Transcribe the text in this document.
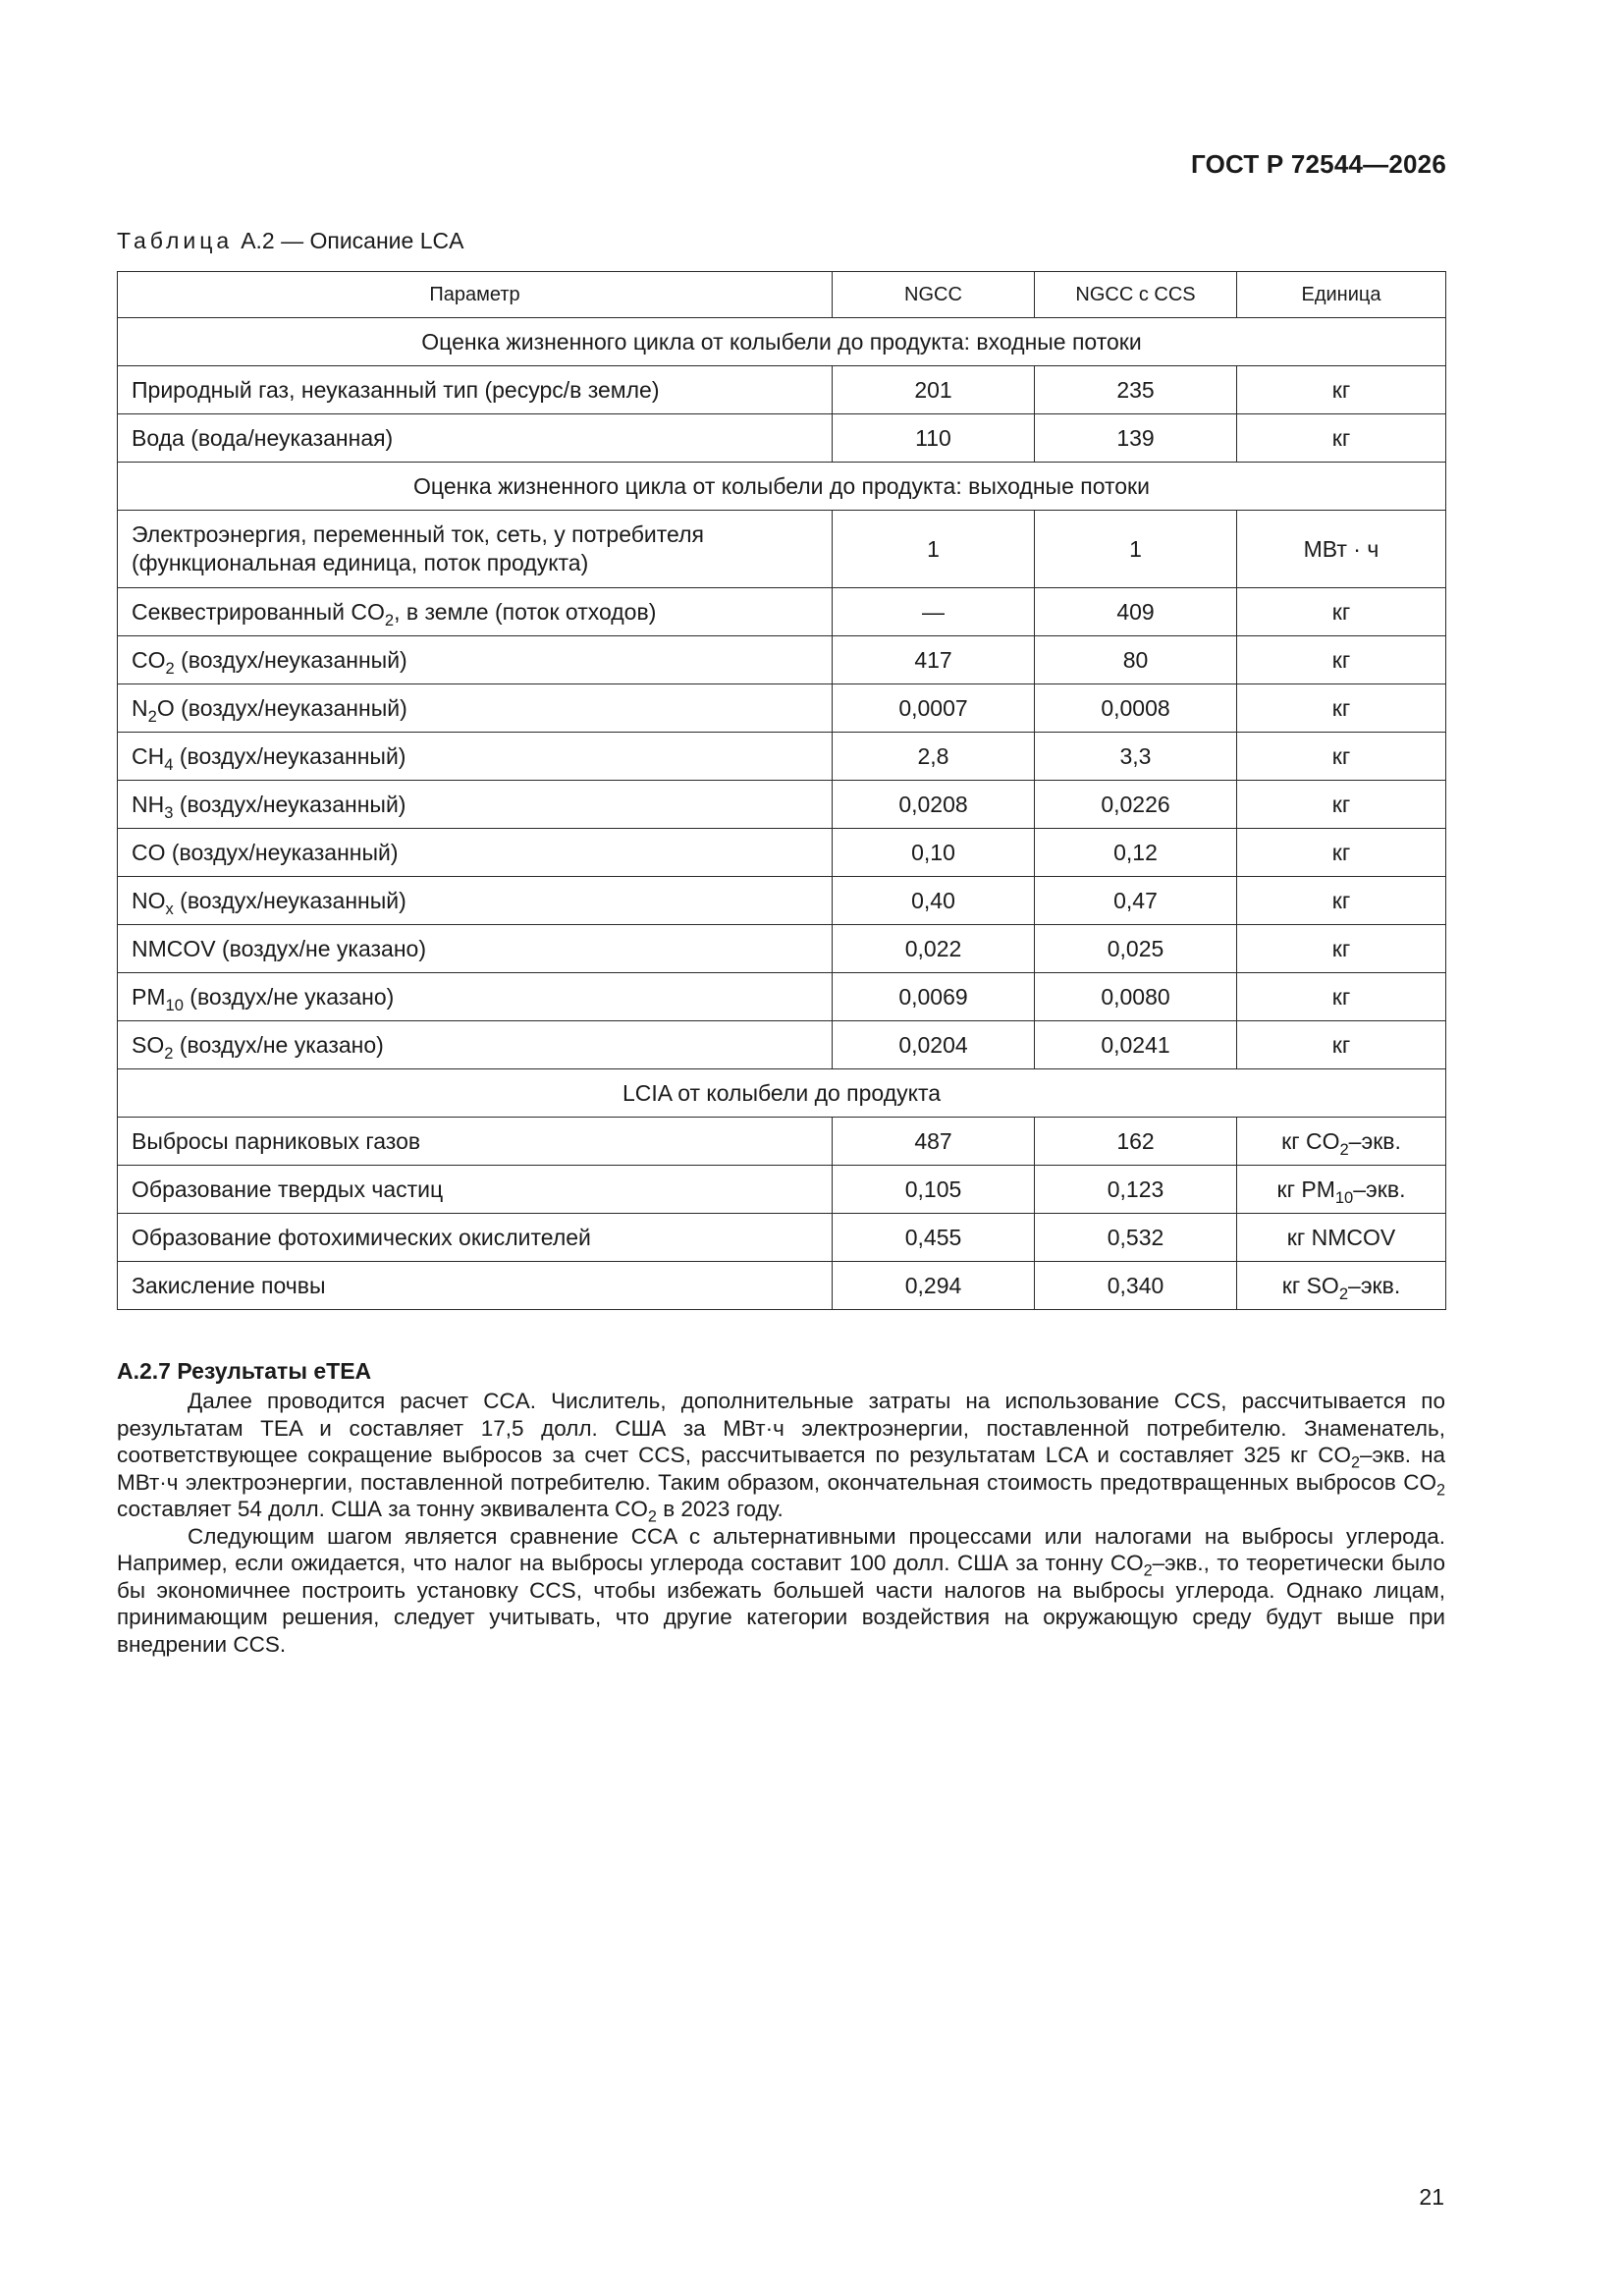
ГОСТ Р 72544—2026
Таблица А.2 — Описание LCA
Параметр	NGCC	NGCC с CCS	Единица
Оценка жизненного цикла от колыбели до продукта: входные потоки			
Природный газ, неуказанный тип (ресурс/в земле)	201	235	кг
Вода (вода/неуказанная)	110	139	кг
Оценка жизненного цикла от колыбели до продукта: выходные потоки			
Электроэнергия, переменный ток, сеть, у потребителя
(функциональная единица, поток продукта)	1	1	МВт · ч
Секвестрированный $CO_2$, в земле (поток отходов)	—	409	кг
$CO_2$ (воздух/неуказанный)	417	80	кг
$N_2O$ (воздух/неуказанный)	0,0007	0,0008	кг
$CH_4$ (воздух/неуказанный)	2,8	3,3	кг
$NH_3$ (воздух/неуказанный)	0,0208	0,0226	кг
CO (воздух/неуказанный)	0,10	0,12	кг
$NO_x$ (воздух/неуказанный)	0,40	0,47	кг
NMCOV (воздух/не указано)	0,022	0,025	кг
$PM_{10}$ (воздух/не указано)	0,0069	0,0080	кг
$SO_2$ (воздух/не указано)	0,0204	0,0241	кг
LCIA от колыбели до продукта			
Выбросы парниковых газов	487	162	кг $CO_2$–экв.
Образование твердых частиц	0,105	0,123	кг $PM_{10}$–экв.
Образование фотохимических окислителей	0,455	0,532	кг NMCOV
Закисление почвы	0,294	0,340	кг $SO_2$–экв.
А.2.7 Результаты eTEA

Далее проводится расчет CCA. Числитель, дополнительные затраты на использование CCS, рассчитывается по результатам TEA и составляет 17,5 долл. США за МВт·ч электроэнергии, поставленной потребителю. Знаменатель, соответствующее сокращение выбросов за счет CCS, рассчитывается по результатам LCA и составляет 325 кг $CO_2$–экв. на МВт·ч электроэнергии, поставленной потребителю. Таким образом, окончательная стоимость предотвращенных выбросов $CO_2$ составляет 54 долл. США за тонну эквивалента $CO_2$ в 2023 году.

Следующим шагом является сравнение CCA с альтернативными процессами или налогами на выбросы углерода. Например, если ожидается, что налог на выбросы углерода составит 100 долл. США за тонну $CO_2$–экв., то теоретически было бы экономичнее построить установку CCS, чтобы избежать большей части налогов на выбросы углерода. Однако лицам, принимающим решения, следует учитывать, что другие категории воздействия на окружающую среду будут выше при внедрении CCS.

21
